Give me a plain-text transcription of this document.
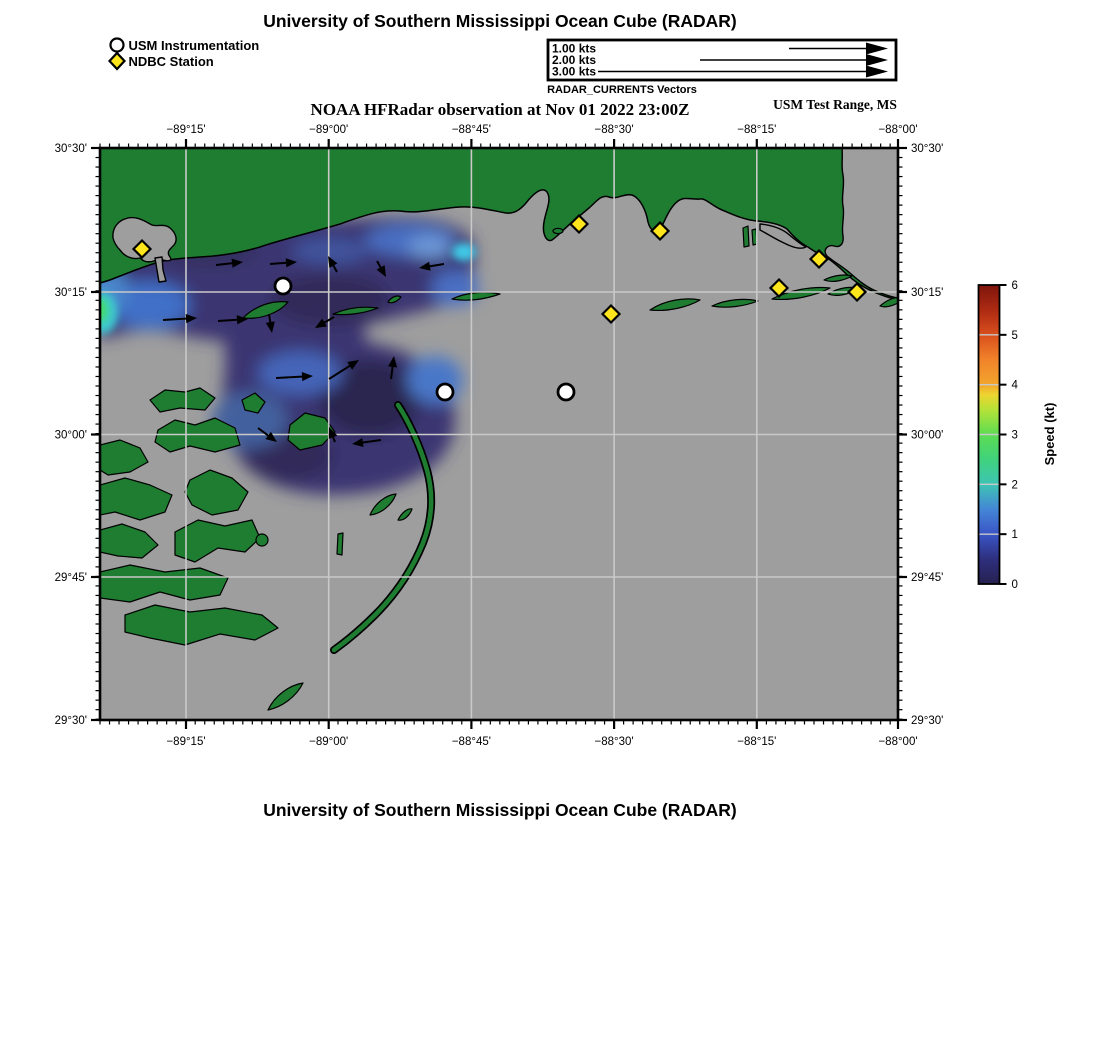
University of Southern Mississippi Ocean Cube (RADAR)
NOAA HFRadar observation at Nov 01 2022 23:00Z	USM Test Range, MS
USM Instrumentation
NDBC Station
1.00 kts
2.00 kts
3.00 kts
RADAR_CURRENTS Vectors
−89°15'
−89°15'
−89°00'
−89°00'
−88°45'
−88°45'
−88°30'
−88°30'
−88°15'
−88°15'
−88°00'
−88°00'
30°30'	30°30'
30°15'	30°15'
30°00'	30°00'
29°45'	29°45'
29°30'	29°30'
0
1
2
3
4
5
6
Speed (kt)
University of Southern Mississippi Ocean Cube (RADAR)
